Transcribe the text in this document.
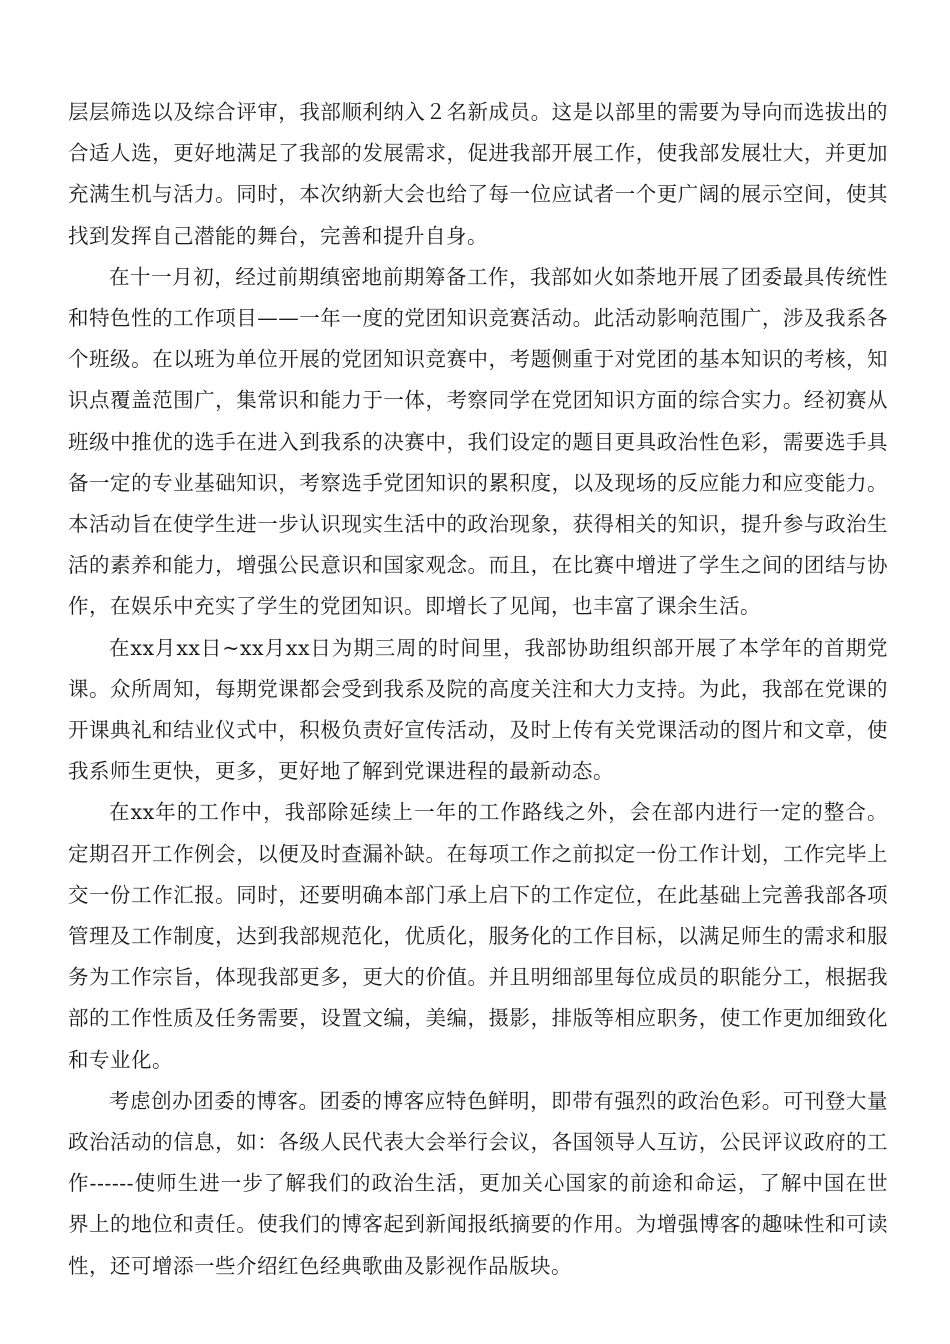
层层筛选以及综合评审，我部顺利纳入２名新成员。这是以部里的需要为导向而选拔出的合适人选，更好地满足了我部的发展需求，促进我部开展工作，使我部发展壮大，并更加充满生机与活力。同时，本次纳新大会也给了每一位应试者一个更广阔的展示空间，使其找到发挥自己潜能的舞台，完善和提升自身。

在十一月初，经过前期缜密地前期筹备工作，我部如火如荼地开展了团委最具传统性和特色性的工作项目——一年一度的党团知识竞赛活动。此活动影响范围广，涉及我系各个班级。在以班为单位开展的党团知识竞赛中，考题侧重于对党团的基本知识的考核，知识点覆盖范围广，集常识和能力于一体，考察同学在党团知识方面的综合实力。经初赛从班级中推优的选手在进入到我系的决赛中，我们设定的题目更具政治性色彩，需要选手具备一定的专业基础知识，考察选手党团知识的累积度，以及现场的反应能力和应变能力。本活动旨在使学生进一步认识现实生活中的政治现象，获得相关的知识，提升参与政治生活的素养和能力，增强公民意识和国家观念。而且，在比赛中增进了学生之间的团结与协作，在娱乐中充实了学生的党团知识。即增长了见闻，也丰富了课余生活。

在xx月xx日~xx月xx日为期三周的时间里，我部协助组织部开展了本学年的首期党课。众所周知，每期党课都会受到我系及院的高度关注和大力支持。为此，我部在党课的开课典礼和结业仪式中，积极负责好宣传活动，及时上传有关党课活动的图片和文章，使我系师生更快，更多，更好地了解到党课进程的最新动态。

在xx年的工作中，我部除延续上一年的工作路线之外，会在部内进行一定的整合。定期召开工作例会，以便及时查漏补缺。在每项工作之前拟定一份工作计划，工作完毕上交一份工作汇报。同时，还要明确本部门承上启下的工作定位，在此基础上完善我部各项管理及工作制度，达到我部规范化，优质化，服务化的工作目标，以满足师生的需求和服务为工作宗旨，体现我部更多，更大的价值。并且明细部里每位成员的职能分工，根据我部的工作性质及任务需要，设置文编，美编，摄影，排版等相应职务，使工作更加细致化和专业化。

考虑创办团委的博客。团委的博客应特色鲜明，即带有强烈的政治色彩。可刊登大量政治活动的信息，如：各级人民代表大会举行会议，各国领导人互访，公民评议政府的工作------使师生进一步了解我们的政治生活，更加关心国家的前途和命运，了解中国在世界上的地位和责任。使我们的博客起到新闻报纸摘要的作用。为增强博客的趣味性和可读性，还可增添一些介绍红色经典歌曲及影视作品版块。
